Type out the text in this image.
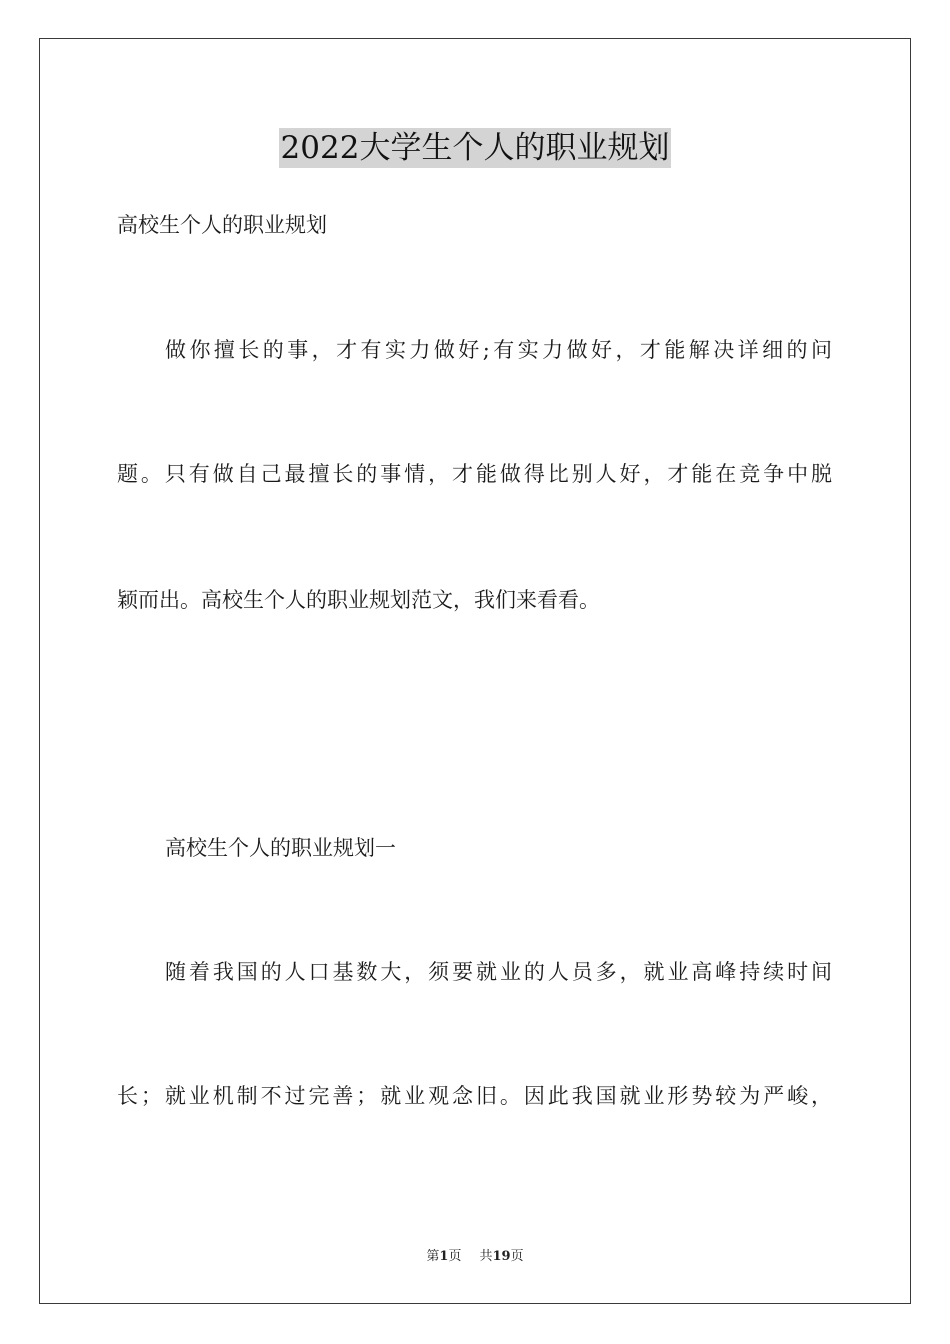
2022大学生个人的职业规划
高校生个人的职业规划
做你擅长的事，才有实力做好;有实力做好，才能解决详细的问
题。只有做自己最擅长的事情，才能做得比别人好，才能在竞争中脱
颖而出。高校生个人的职业规划范文，我们来看看。
高校生个人的职业规划一
随着我国的人口基数大，须要就业的人员多，就业高峰持续时间
长；就业机制不过完善；就业观念旧。因此我国就业形势较为严峻，
第1页 共19页
